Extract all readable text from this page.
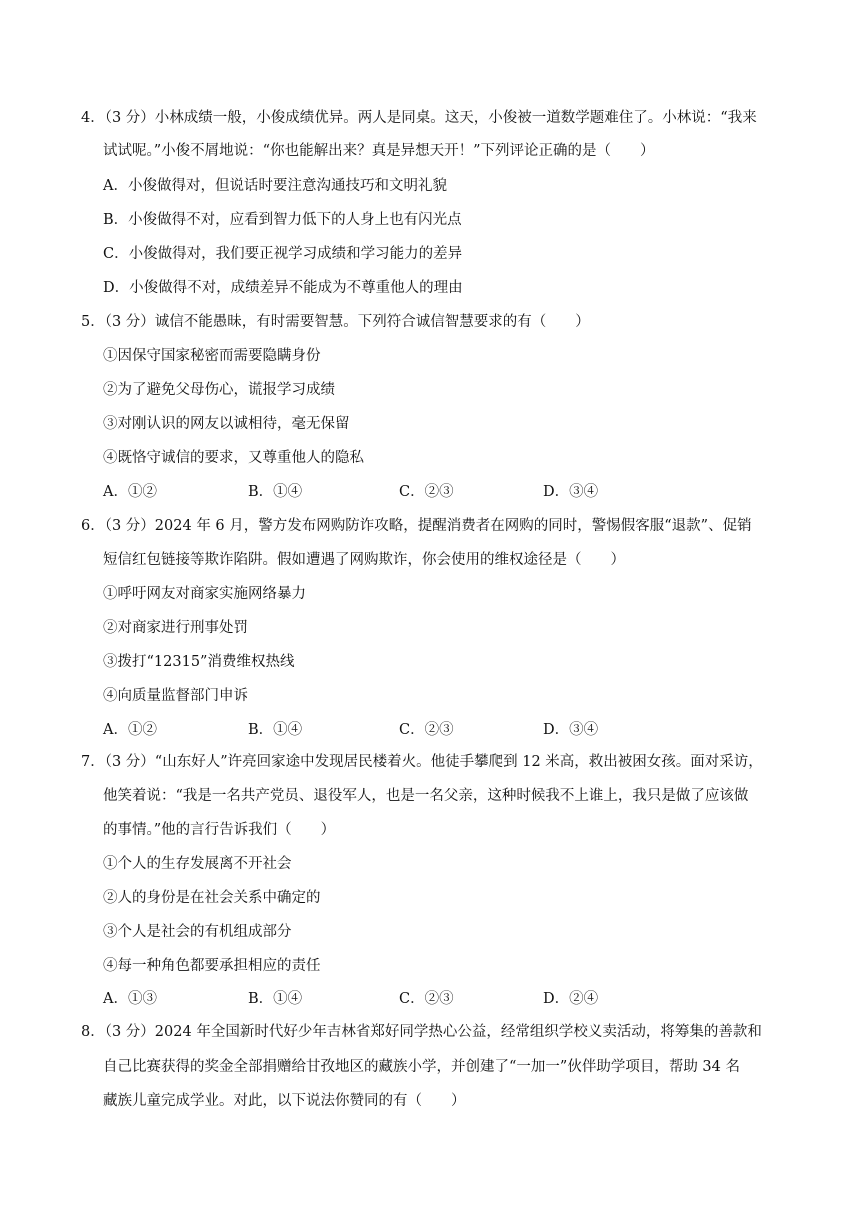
4．（3 分）小林成绩一般，小俊成绩优异。两人是同桌。这天，小俊被一道数学题难住了。小林说：“我来
试试呢。”小俊不屑地说：“你也能解出来？真是异想天开！”下列评论正确的是（　　）
A．小俊做得对，但说话时要注意沟通技巧和文明礼貌
B．小俊做得不对，应看到智力低下的人身上也有闪光点
C．小俊做得对，我们要正视学习成绩和学习能力的差异
D．小俊做得不对，成绩差异不能成为不尊重他人的理由
5．（3 分）诚信不能愚昧，有时需要智慧。下列符合诚信智慧要求的有（　　）
①因保守国家秘密而需要隐瞒身份
②为了避免父母伤心，谎报学习成绩
③对刚认识的网友以诚相待，毫无保留
④既恪守诚信的要求，又尊重他人的隐私
A．①②	B．①④	C．②③	D．③④
6．（3 分）2024 年 6 月，警方发布网购防诈攻略，提醒消费者在网购的同时，警惕假客服“退款”、促销
短信红包链接等欺诈陷阱。假如遭遇了网购欺诈，你会使用的维权途径是（　　）
①呼吁网友对商家实施网络暴力
②对商家进行刑事处罚
③拨打“12315”消费维权热线
④向质量监督部门申诉
A．①②	B．①④	C．②③	D．③④
7．（3 分）“山东好人”许亮回家途中发现居民楼着火。他徒手攀爬到 12 米高，救出被困女孩。面对采访，
他笑着说：“我是一名共产党员、退役军人，也是一名父亲，这种时候我不上谁上，我只是做了应该做
的事情。”他的言行告诉我们（　　）
①个人的生存发展离不开社会
②人的身份是在社会关系中确定的
③个人是社会的有机组成部分
④每一种角色都要承担相应的责任
A．①③	B．①④	C．②③	D．②④
8．（3 分）2024 年全国新时代好少年吉林省郑好同学热心公益，经常组织学校义卖活动，将筹集的善款和
自己比赛获得的奖金全部捐赠给甘孜地区的藏族小学，并创建了“一加一”伙伴助学项目，帮助 34 名
藏族儿童完成学业。对此，以下说法你赞同的有（　　）
